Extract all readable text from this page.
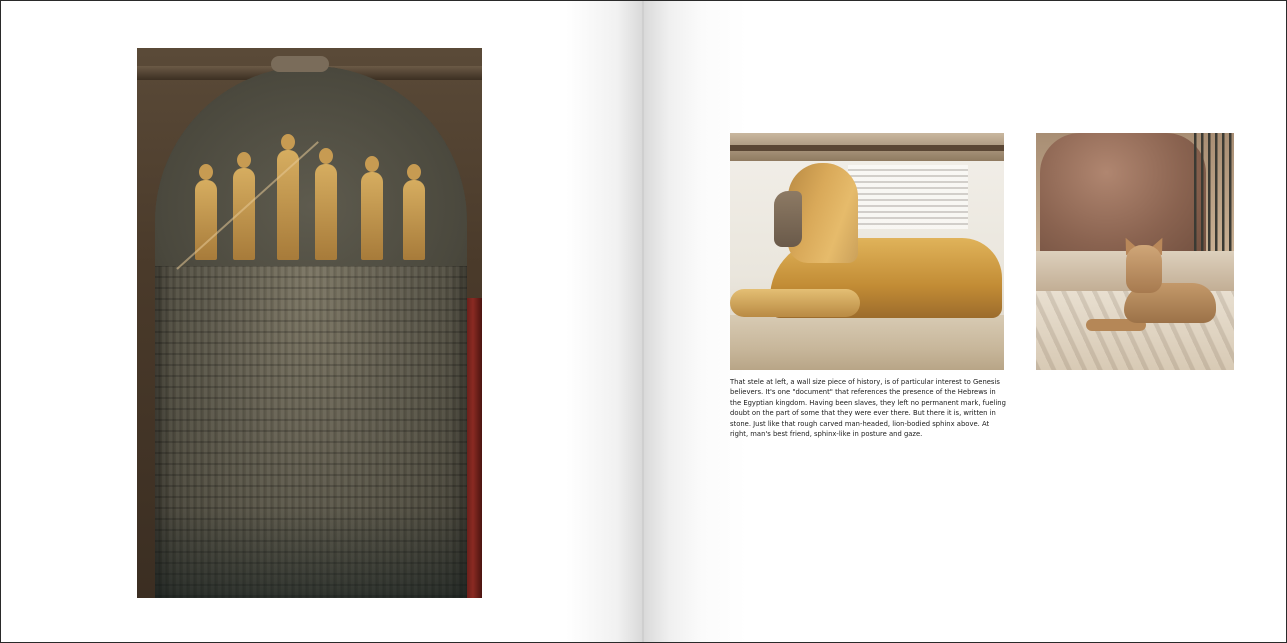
That stele at left, a wall size piece of history, is of particular interest to Genesis believers. It's one "document" that references the presence of the Hebrews in the Egyptian kingdom. Having been slaves, they left no permanent mark, fueling doubt on the part of some that they were ever there. But there it is, written in stone. Just like that rough carved man-headed, lion-bodied sphinx above. At right, man's best friend, sphinx-like in posture and gaze.
